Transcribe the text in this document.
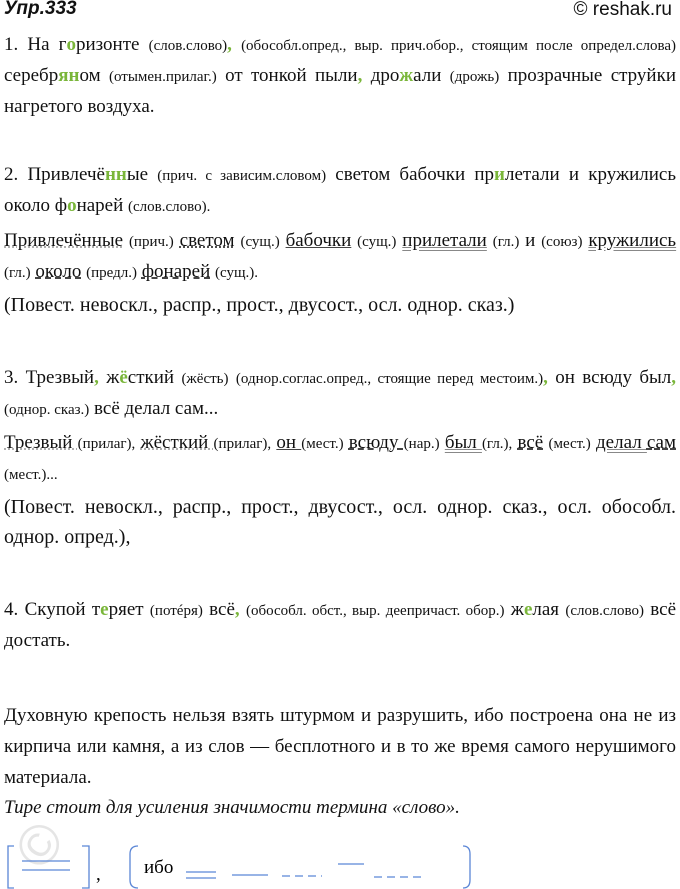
Упр.333	© reshak.ru
1. На горизонте (слов.слово), (обособл.опред., выр. прич.обор., стоящим после определ.слова) серебряном (отымен.прилаг.) от тонкой пыли, дрожали (дрожь) прозрачные струйки нагретого воздуха.
2. Привлечённые (прич. с зависим.словом) светом бабочки прилетали и кружились около фонарей (слов.слово).
Привлечённые (прич.) светом (сущ.) бабочки (сущ.) прилетали (гл.) и (союз) кружились (гл.) около (предл.) фонарей (сущ.).
(Повест. невоскл., распр., прост., двусост., осл. однор. сказ.)
3. Трезвый, жёсткий (жёсть) (однор.соглас.опред., стоящие перед местоим.), он всюду был, (однор. сказ.) всё делал сам...
Трезвый (прилаг), жёсткий (прилаг), он (мест.) всюду (нар.) был (гл.), всё (мест.) делал сам (мест.)...
(Повест. невоскл., распр., прост., двусост., осл. однор. сказ., осл. обособл. однор. опред.),
4. Скупой теряет (потéря) всё, (обособл. обст., выр. деепричаст. обор.) желая (слов.слово) всё достать.
Духовную крепость нельзя взять штурмом и разрушить, ибо построена она не из кирпича или камня, а из слов — бесплотного и в то же время самого нерушимого материала.
Тире стоит для усиления значимости термина «слово».
©	, ибо
